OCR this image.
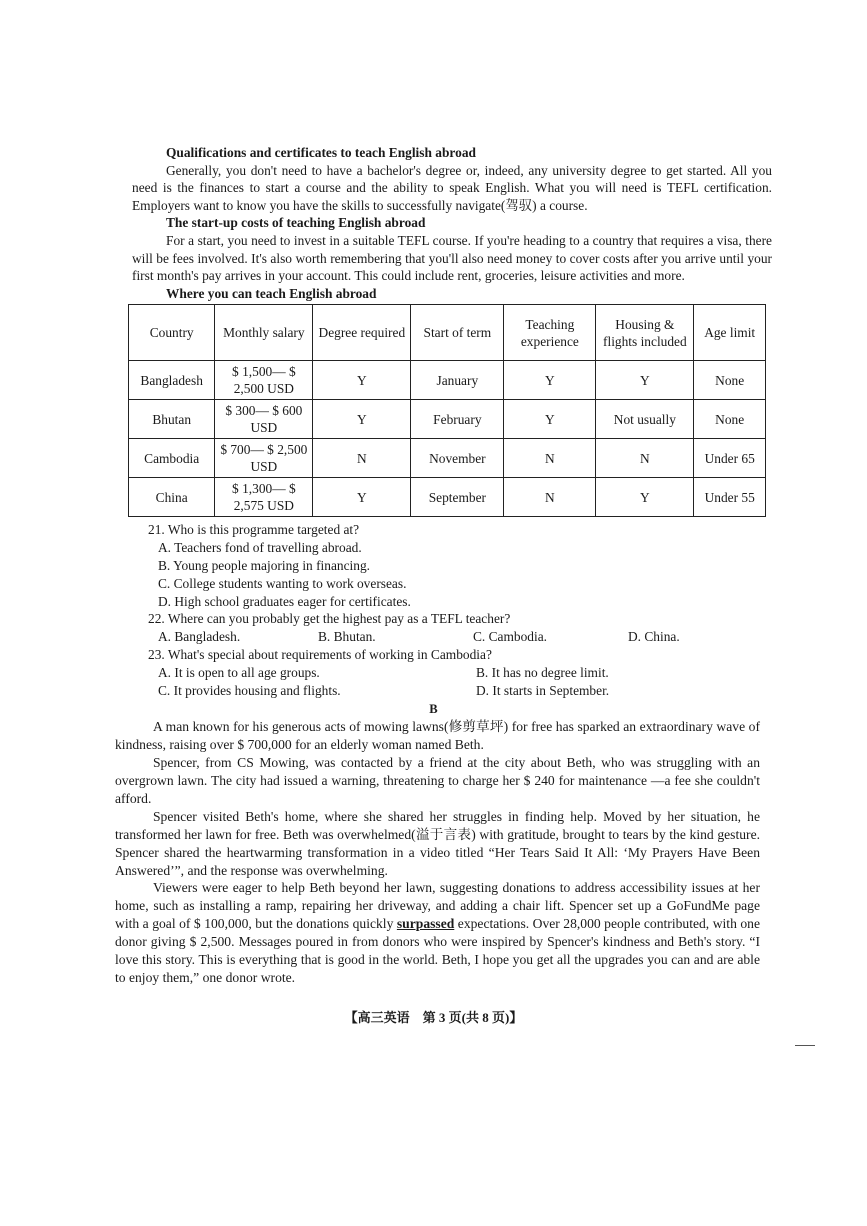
Qualifications and certificates to teach English abroad

Generally, you don't need to have a bachelor's degree or, indeed, any university degree to get started. All you need is the finances to start a course and the ability to speak English. What you will need is TEFL certification. Employers want to know you have the skills to successfully navigate(驾驭) a course.

The start-up costs of teaching English abroad

For a start, you need to invest in a suitable TEFL course. If you're heading to a country that requires a visa, there will be fees involved. It's also worth remembering that you'll also need money to cover costs after you arrive until your first month's pay arrives in your account. This could include rent, groceries, leisure activities and more.

Where you can teach English abroad
Country	Monthly salary	Degree required	Start of term	Teaching experience	Housing & flights included	Age limit
Bangladesh	$ 1,500— $ 2,500 USD	Y	January	Y	Y	None
Bhutan	$ 300— $ 600 USD	Y	February	Y	Not usually	None
Cambodia	$ 700— $ 2,500 USD	N	November	N	N	Under 65
China	$ 1,300— $ 2,575 USD	Y	September	N	Y	Under 55
21. Who is this programme targeted at?
A. Teachers fond of travelling abroad.
B. Young people majoring in financing.
C. College students wanting to work overseas.
D. High school graduates eager for certificates.
22. Where can you probably get the highest pay as a TEFL teacher?
A. Bangladesh.	B. Bhutan.	C. Cambodia.	D. China.
23. What's special about requirements of working in Cambodia?
A. It is open to all age groups.	B. It has no degree limit.
C. It provides housing and flights.	D. It starts in September.
B

A man known for his generous acts of mowing lawns(修剪草坪) for free has sparked an extraordinary wave of kindness, raising over $ 700,000 for an elderly woman named Beth.

Spencer, from CS Mowing, was contacted by a friend at the city about Beth, who was struggling with an overgrown lawn. The city had issued a warning, threatening to charge her $ 240 for maintenance —a fee she couldn't afford.

Spencer visited Beth's home, where she shared her struggles in finding help. Moved by her situation, he transformed her lawn for free. Beth was overwhelmed(溢于言表) with gratitude, brought to tears by the kind gesture. Spencer shared the heartwarming transformation in a video titled “Her Tears Said It All: ‘My Prayers Have Been Answered’”, and the response was overwhelming.

Viewers were eager to help Beth beyond her lawn, suggesting donations to address accessibility issues at her home, such as installing a ramp, repairing her driveway, and adding a chair lift. Spencer set up a GoFundMe page with a goal of $ 100,000, but the donations quickly surpassed expectations. Over 28,000 people contributed, with one donor giving $ 2,500. Messages poured in from donors who were inspired by Spencer's kindness and Beth's story. “I love this story. This is everything that is good in the world. Beth, I hope you get all the upgrades you can and are able to enjoy them,” one donor wrote.

【高三英语　第 3 页(共 8 页)】
